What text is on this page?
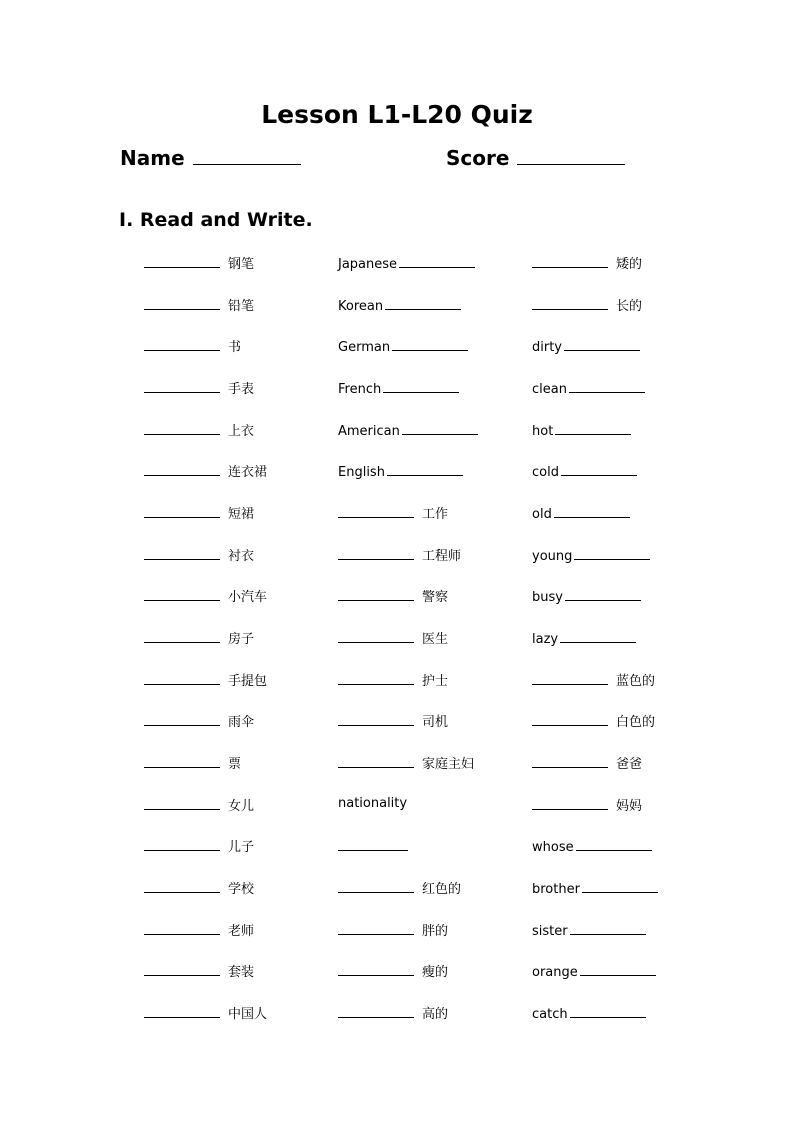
Lesson L1-L20 Quiz
Name	Score
I. Read and Write.
钢笔
铅笔
书
手表
上衣
连衣裙
短裙
衬衣
小汽车
房子
手提包
雨伞
票
女儿
儿子
学校
老师
套装
中国人
Japanese
Korean
German
French
American
English
工作
工程师
警察
医生
护士
司机
家庭主妇
nationality
红色的
胖的
瘦的
高的
矮的
长的
dirty
clean
hot
cold
old
young
busy
lazy
蓝色的
白色的
爸爸
妈妈
whose
brother
sister
orange
catch
